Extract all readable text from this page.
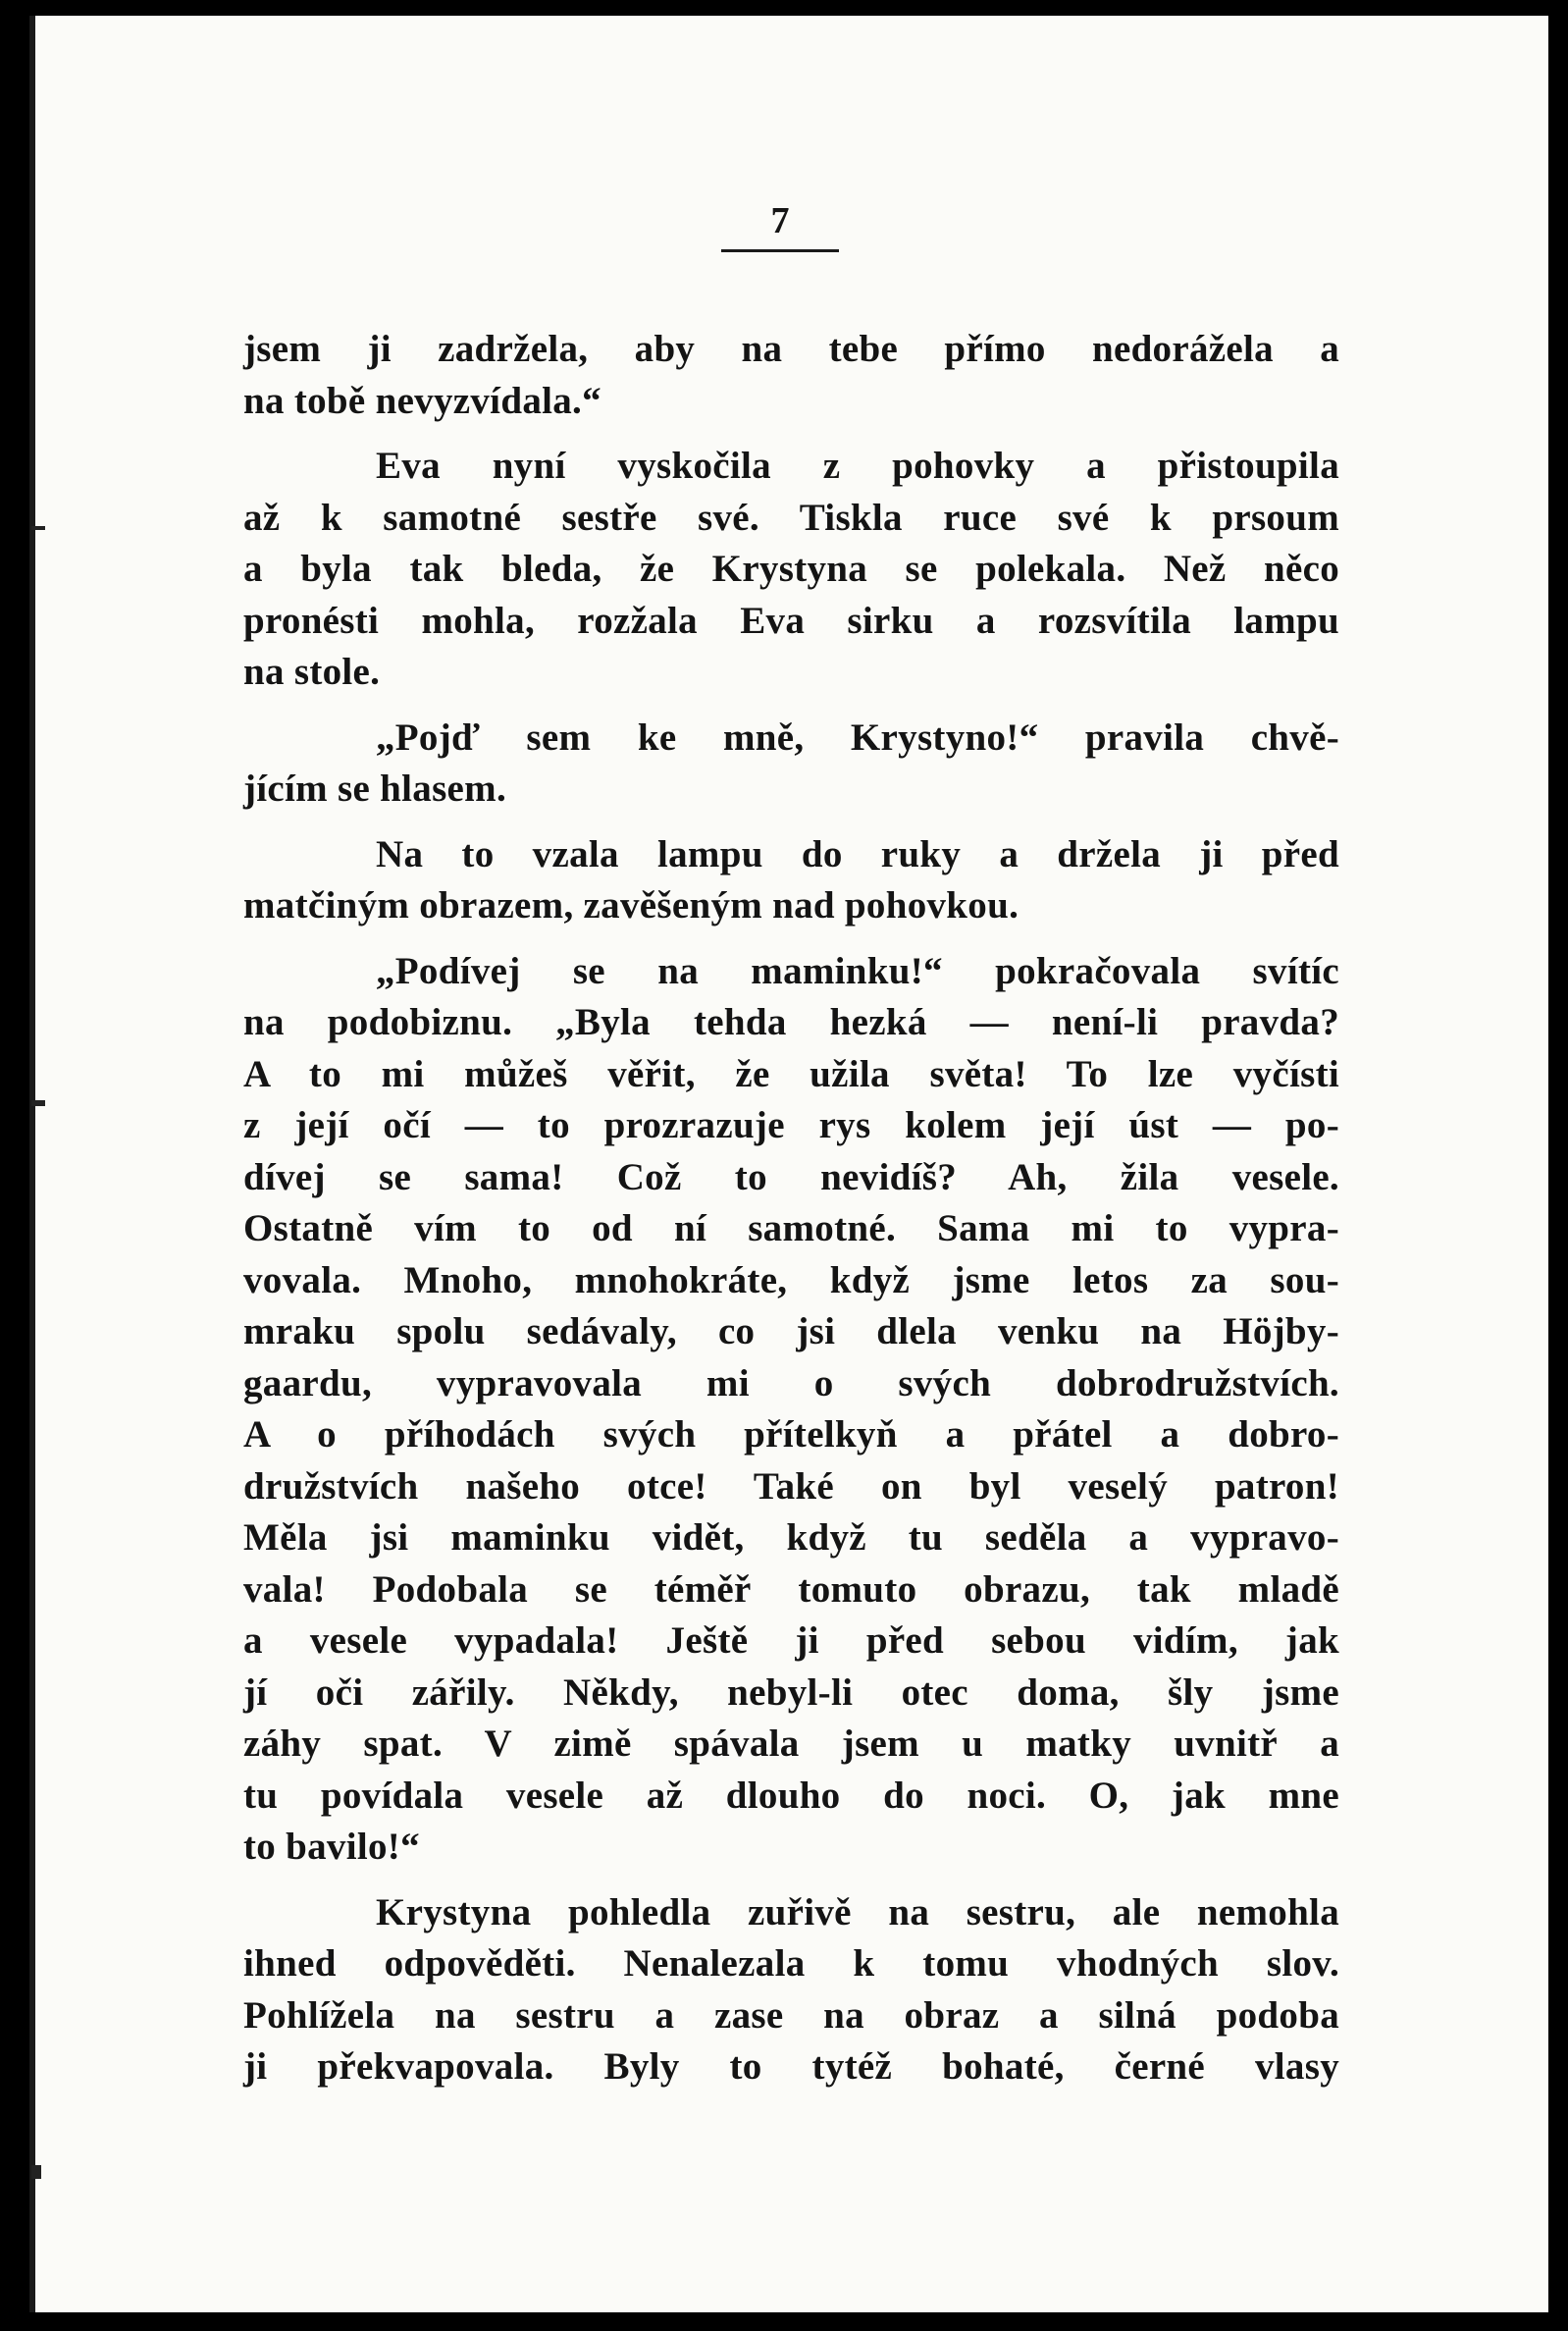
7

jsem ji zadržela, aby na tebe přímo nedorážela a

na tobě nevyzvídala.“

Eva nyní vyskočila z pohovky a přistoupila

až k samotné sestře své. Tiskla ruce své k prsoum

a byla tak bleda, že Krystyna se polekala. Než něco

pronésti mohla, rozžala Eva sirku a rozsvítila lampu

na stole.

„Pojď sem ke mně, Krystyno!“ pravila chvě-

jícím se hlasem.

Na to vzala lampu do ruky a držela ji před

matčiným obrazem, zavěšeným nad pohovkou.

„Podívej se na maminku!“ pokračovala svítíc

na podobiznu. „Byla tehda hezká — není-li pravda?

A to mi můžeš věřit, že užila světa! To lze vyčísti

z její očí — to prozrazuje rys kolem její úst — po-

dívej se sama! Což to nevidíš? Ah, žila vesele.

Ostatně vím to od ní samotné. Sama mi to vypra-

vovala. Mnoho, mnohokráte, když jsme letos za sou-

mraku spolu sedávaly, co jsi dlela venku na Höjby-

gaardu, vypravovala mi o svých dobrodružstvích.

A o příhodách svých přítelkyň a přátel a dobro-

družstvích našeho otce! Také on byl veselý patron!

Měla jsi maminku vidět, když tu seděla a vypravo-

vala! Podobala se téměř tomuto obrazu, tak mladě

a vesele vypadala! Ještě ji před sebou vidím, jak

jí oči zářily. Někdy, nebyl-li otec doma, šly jsme

záhy spat. V zimě spávala jsem u matky uvnitř a

tu povídala vesele až dlouho do noci. O, jak mne

to bavilo!“

Krystyna pohledla zuřivě na sestru, ale nemohla

ihned odpověděti. Nenalezala k tomu vhodných slov.

Pohlížela na sestru a zase na obraz a silná podoba

ji překvapovala. Byly to tytéž bohaté, černé vlasy
